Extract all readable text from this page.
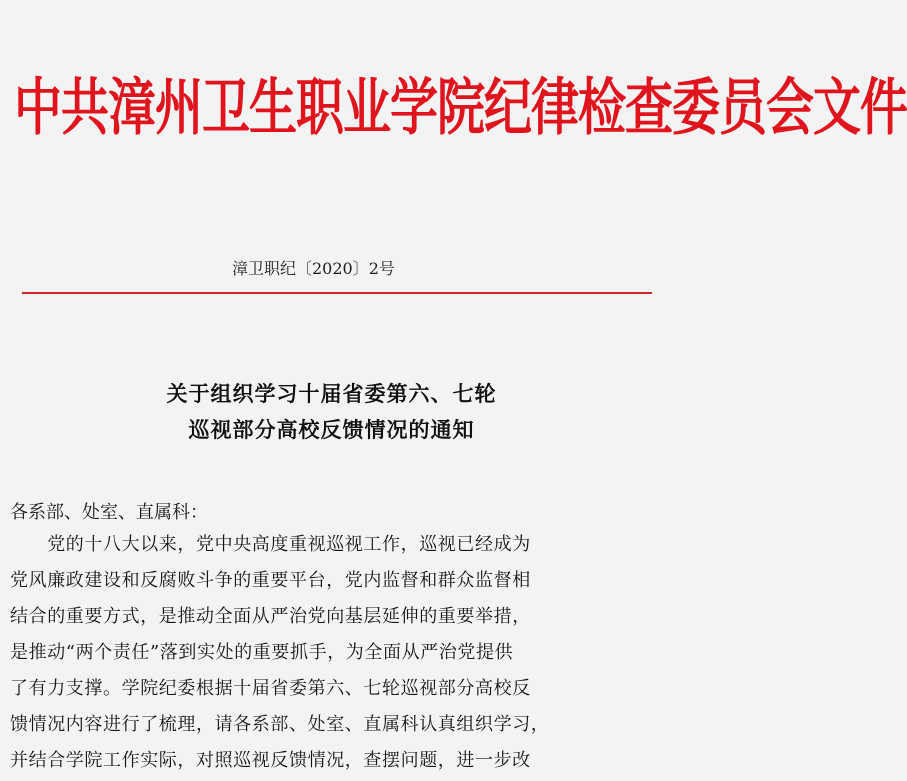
中共漳州卫生职业学院纪律检查委员会文件
漳卫职纪〔2020〕2号
关于组织学习十届省委第六、七轮
巡视部分高校反馈情况的通知
各系部、处室、直属科：
　　党的十八大以来，党中央高度重视巡视工作，巡视已经成为
党风廉政建设和反腐败斗争的重要平台，党内监督和群众监督相
结合的重要方式，是推动全面从严治党向基层延伸的重要举措，
是推动“两个责任”落到实处的重要抓手，为全面从严治党提供
了有力支撑。学院纪委根据十届省委第六、七轮巡视部分高校反
馈情况内容进行了梳理，请各系部、处室、直属科认真组织学习，
并结合学院工作实际，对照巡视反馈情况，查摆问题，进一步改
